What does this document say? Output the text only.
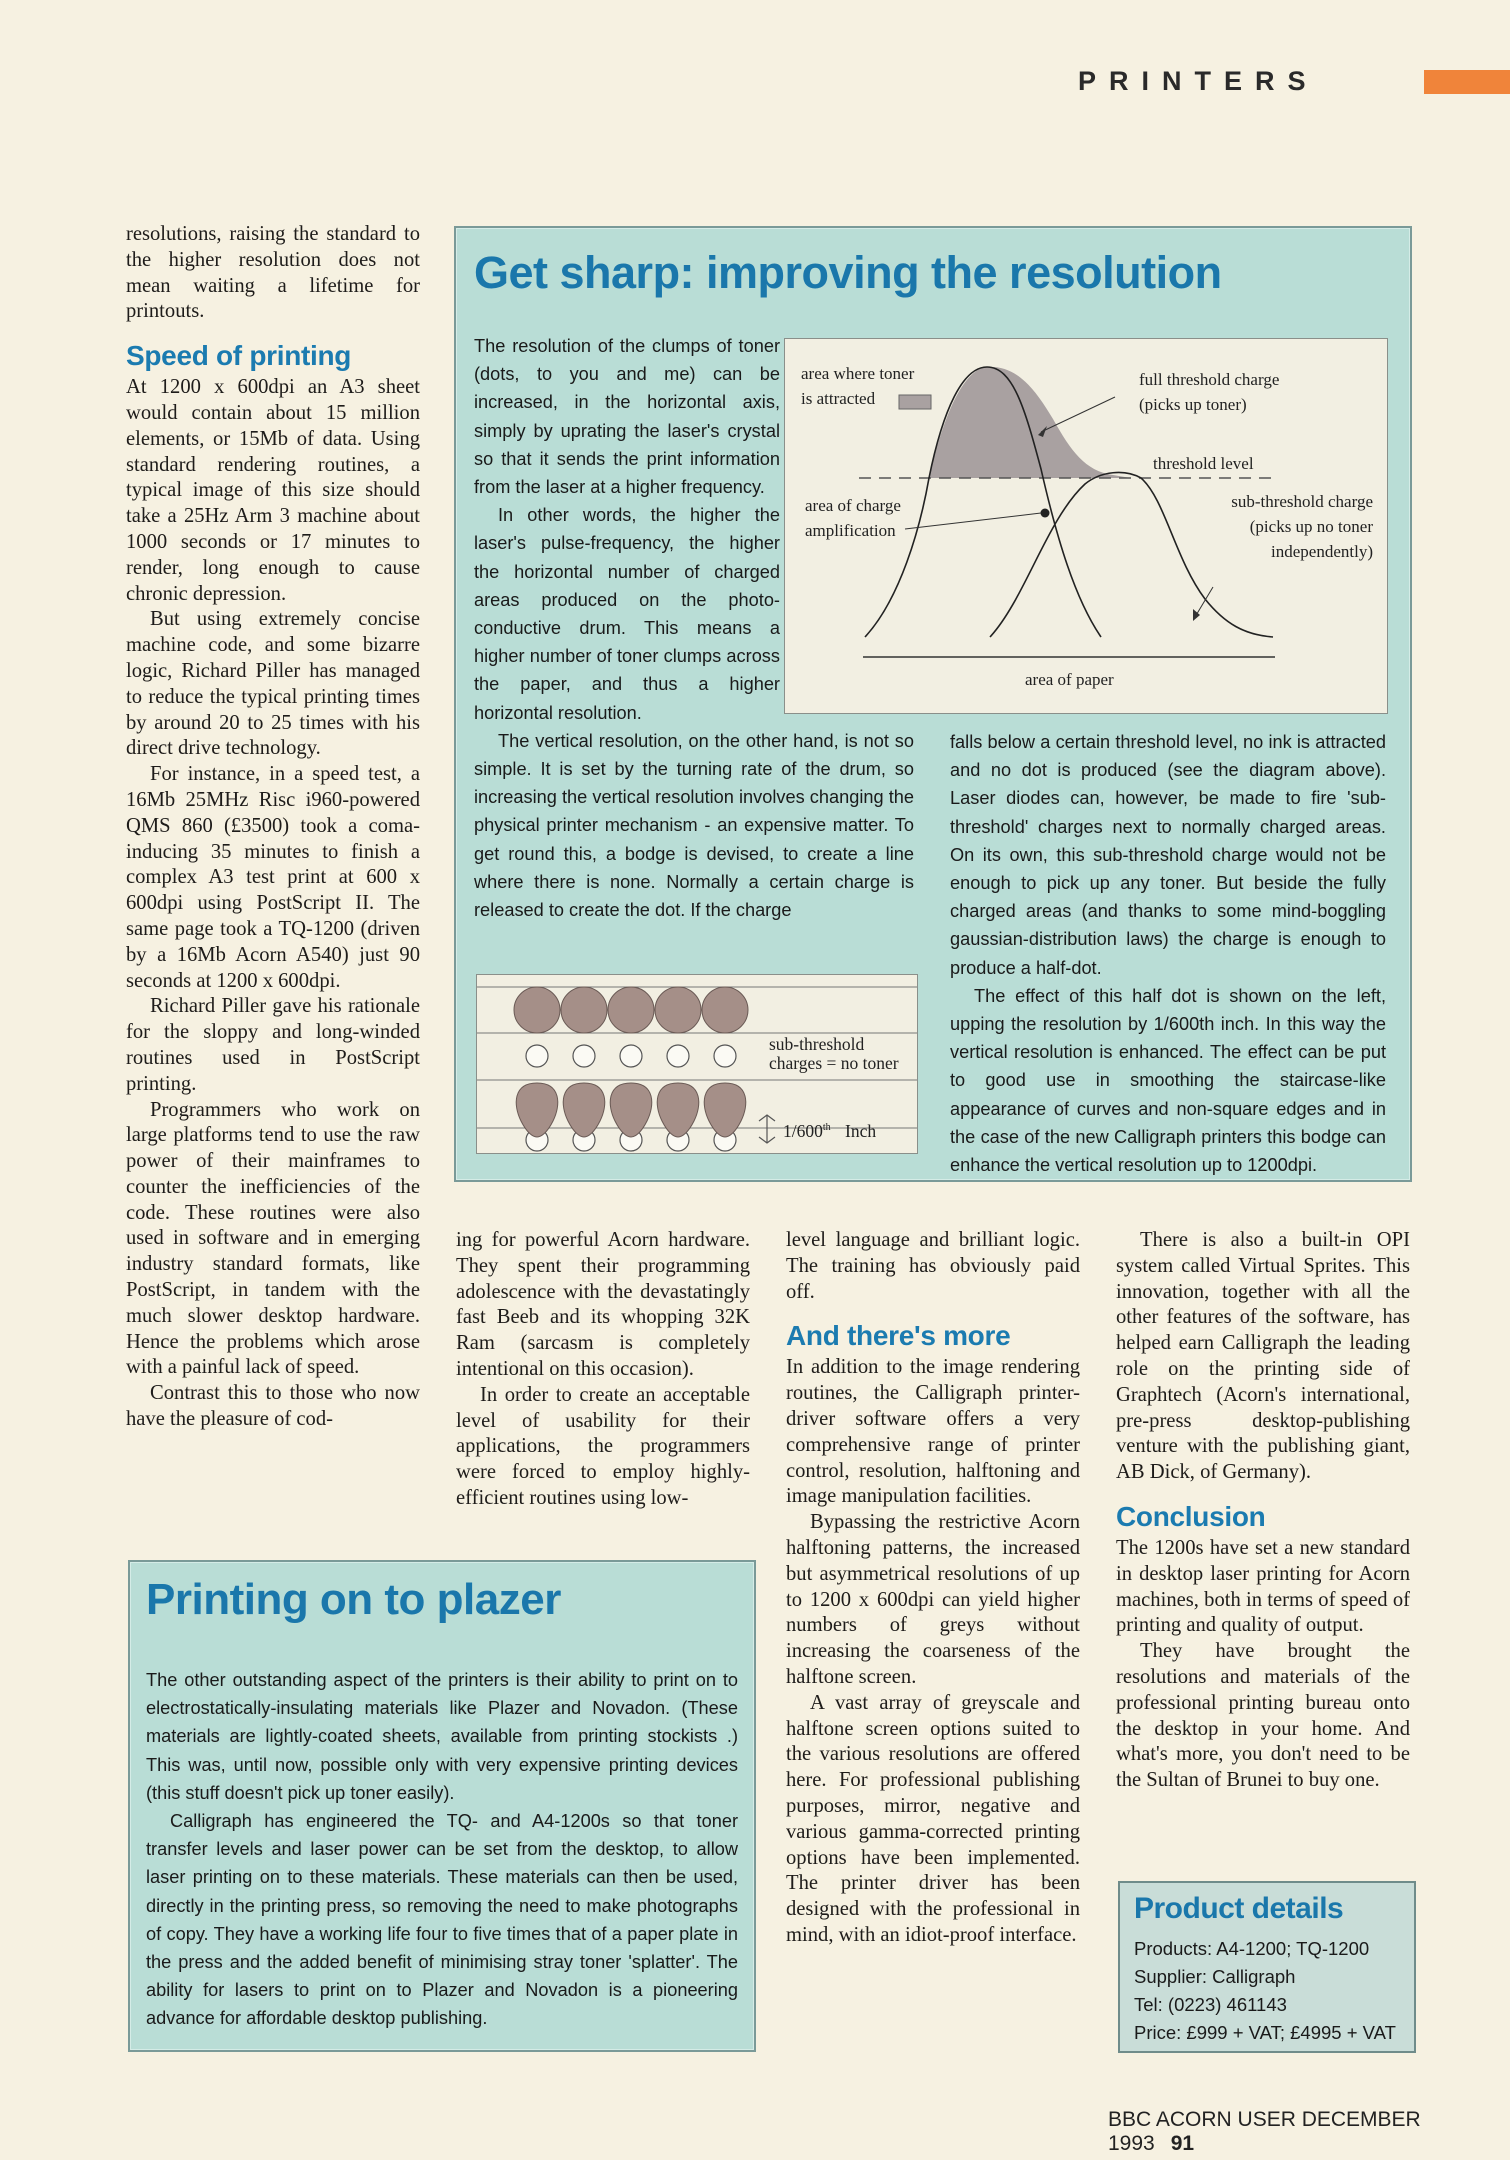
PRINTERS

resolutions, raising the standard to the higher resolution does not mean waiting a lifetime for printouts.

Speed of printing

At 1200 x 600dpi an A3 sheet would contain about 15 million elements, or 15Mb of data. Using standard rendering routines, a typical image of this size should take a 25Hz Arm 3 machine about 1000 seconds or 17 minutes to render, long enough to cause chronic depression.

But using extremely concise machine code, and some bizarre logic, Richard Piller has managed to reduce the typical printing times by around 20 to 25 times with his direct drive technology.

For instance, in a speed test, a 16Mb 25MHz Risc i960-powered QMS 860 (£3500) took a coma-inducing 35 minutes to finish a complex A3 test print at 600 x 600dpi using PostScript II. The same page took a TQ-1200 (driven by a 16Mb Acorn A540) just 90 seconds at 1200 x 600dpi.

Richard Piller gave his rationale for the sloppy and long-winded routines used in PostScript printing.

Programmers who work on large platforms tend to use the raw power of their mainframes to counter the inefficiencies of the code. These routines were also used in software and in emerging industry standard formats, like PostScript, in tandem with the much slower desktop hardware. Hence the problems which arose with a painful lack of speed.

Contrast this to those who now have the pleasure of cod-

Get sharp: improving the resolution

The resolution of the clumps of toner (dots, to you and me) can be increased, in the horizontal axis, simply by uprating the laser's crystal so that it sends the print information from the laser at a higher frequency.

In other words, the higher the laser's pulse-frequency, the higher the horizontal number of charged areas produced on the photo-conductive drum. This means a higher number of toner clumps across the paper, and thus a higher horizontal resolution.

The vertical resolution, on the other hand, is not so simple. It is set by the turning rate of the drum, so increasing the vertical resolution involves changing the physical printer mechanism - an expensive matter. To get round this, a bodge is devised, to create a line where there is none. Normally a certain charge is released to create the dot. If the charge

area where toner
is attracted
full threshold charge
(picks up toner)
threshold level
area of charge
amplification
sub-threshold charge
(picks up no toner
independently)
area of paper

falls below a certain threshold level, no ink is attracted and no dot is produced (see the diagram above). Laser diodes can, however, be made to fire 'sub-threshold' charges next to normally charged areas. On its own, this sub-threshold charge would not be enough to pick up any toner. But beside the fully charged areas (and thanks to some mind-boggling gaussian-distribution laws) the charge is enough to produce a half-dot.

The effect of this half dot is shown on the left, upping the resolution by 1/600th inch. In this way the vertical resolution is enhanced. The effect can be put to good use in smoothing the staircase-like appearance of curves and non-square edges and in the case of the new Calligraph printers this bodge can enhance the vertical resolution up to 1200dpi.

sub-threshold
charges = no toner
1/600th Inch

ing for powerful Acorn hardware. They spent their programming adolescence with the devastatingly fast Beeb and its whopping 32K Ram (sarcasm is completely intentional on this occasion).

In order to create an acceptable level of usability for their applications, the programmers were forced to employ highly-efficient routines using low-

level language and brilliant logic. The training has obviously paid off.

And there's more

In addition to the image rendering routines, the Calligraph printer-driver software offers a very comprehensive range of printer control, resolution, halftoning and image manipulation facilities.

Bypassing the restrictive Acorn halftoning patterns, the increased but asymmetrical resolutions of up to 1200 x 600dpi can yield higher numbers of greys without increasing the coarseness of the halftone screen.

A vast array of greyscale and halftone screen options suited to the various resolutions are offered here. For professional publishing purposes, mirror, negative and various gamma-corrected printing options have been implemented. The printer driver has been designed with the professional in mind, with an idiot-proof interface.

There is also a built-in OPI system called Virtual Sprites. This innovation, together with all the other features of the software, has helped earn Calligraph the leading role on the printing side of Graphtech (Acorn's international, pre-press desktop-publishing venture with the publishing giant, AB Dick, of Germany).

Conclusion

The 1200s have set a new standard in desktop laser printing for Acorn machines, both in terms of speed of printing and quality of output.

They have brought the resolutions and materials of the professional printing bureau onto the desktop in your home. And what's more, you don't need to be the Sultan of Brunei to buy one.

Printing on to plazer

The other outstanding aspect of the printers is their ability to print on to electrostatically-insulating materials like Plazer and Novadon. (These materials are lightly-coated sheets, available from printing stockists .) This was, until now, possible only with very expensive printing devices (this stuff doesn't pick up toner easily).

Calligraph has engineered the TQ- and A4-1200s so that toner transfer levels and laser power can be set from the desktop, to allow laser printing on to these materials. These materials can then be used, directly in the printing press, so removing the need to make photographs of copy. They have a working life four to five times that of a paper plate in the press and the added benefit of minimising stray toner 'splatter'. The ability for lasers to print on to Plazer and Novadon is a pioneering advance for affordable desktop publishing.

Product details
Products: A4-1200; TQ-1200
Supplier: Calligraph
Tel: (0223) 461143
Price: £999 + VAT; £4995 + VAT
BBC ACORN USER DECEMBER 1993 91
